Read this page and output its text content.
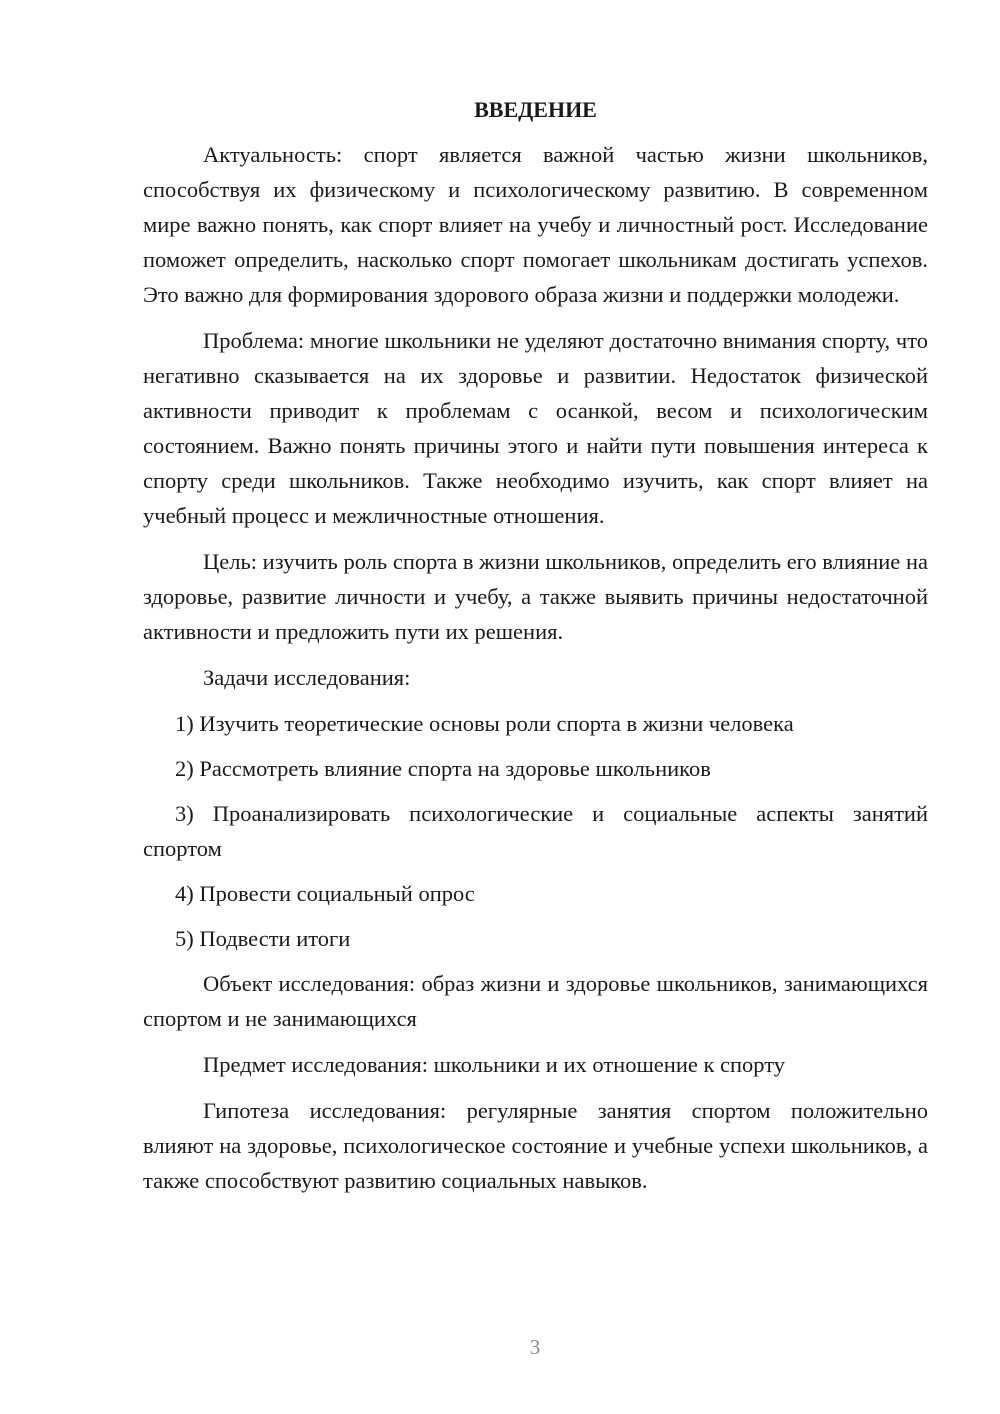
ВВЕДЕНИЕ

Актуальность: спорт является важной частью жизни школьников, способствуя их физическому и психологическому развитию. В современном мире важно понять, как спорт влияет на учебу и личностный рост. Исследование поможет определить, насколько спорт помогает школьникам достигать успехов. Это важно для формирования здорового образа жизни и поддержки молодежи.

Проблема: многие школьники не уделяют достаточно внимания спорту, что негативно сказывается на их здоровье и развитии. Недостаток физической активности приводит к проблемам с осанкой, весом и психологическим состоянием. Важно понять причины этого и найти пути повышения интереса к спорту среди школьников. Также необходимо изучить, как спорт влияет на учебный процесс и межличностные отношения.

Цель: изучить роль спорта в жизни школьников, определить его влияние на здоровье, развитие личности и учебу, а также выявить причины недостаточной активности и предложить пути их решения.

Задачи исследования:

1) Изучить теоретические основы роли спорта в жизни человека

2) Рассмотреть влияние спорта на здоровье школьников

3) Проанализировать психологические и социальные аспекты занятий спортом

4) Провести социальный опрос

5) Подвести итоги

Объект исследования: образ жизни и здоровье школьников, занимающихся спортом и не занимающихся

Предмет исследования: школьники и их отношение к спорту

Гипотеза исследования: регулярные занятия спортом положительно влияют на здоровье, психологическое состояние и учебные успехи школьников, а также способствуют развитию социальных навыков.

3
